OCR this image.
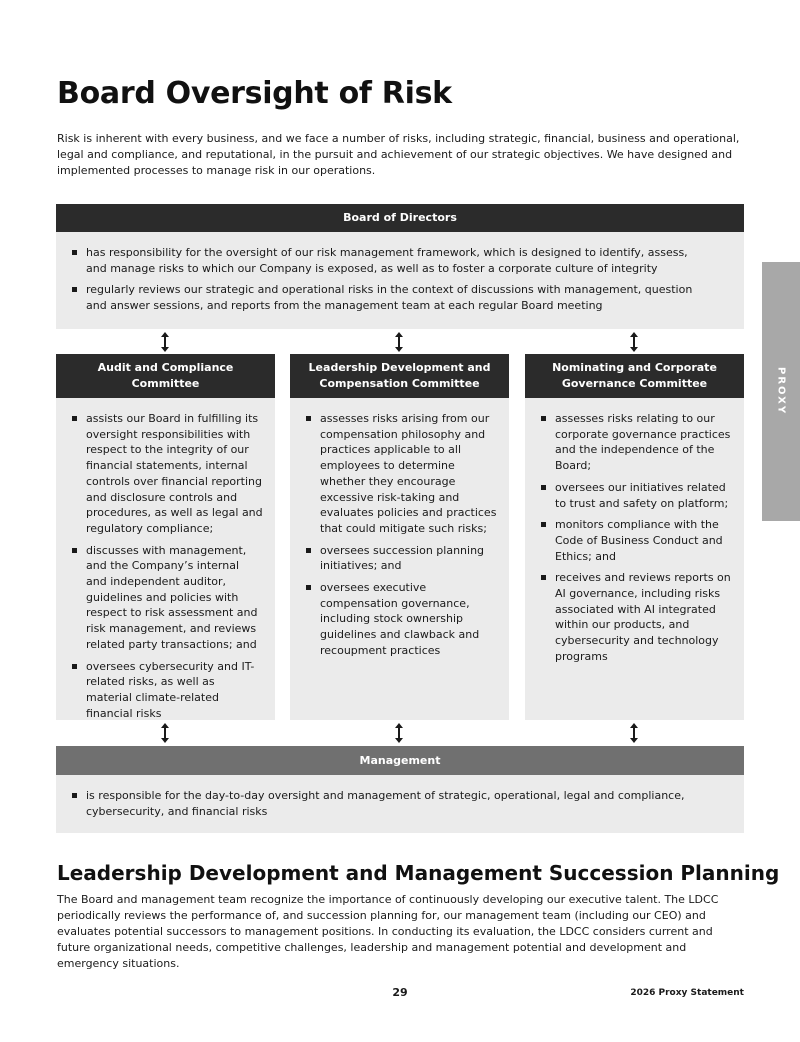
Board Oversight of Risk

Risk is inherent with every business, and we face a number of risks, including strategic, financial, business and operational, legal and compliance, and reputational, in the pursuit and achievement of our strategic objectives. We have designed and implemented processes to manage risk in our operations.

Board of Directors
has responsibility for the oversight of our risk management framework, which is designed to identify, assess, and manage risks to which our Company is exposed, as well as to foster a corporate culture of integrity
regularly reviews our strategic and operational risks in the context of discussions with management, question and answer sessions, and reports from the management team at each regular Board meeting
Audit and Compliance Committee
Leadership Development and Compensation Committee
Nominating and Corporate Governance Committee
assists our Board in fulfilling its oversight responsibilities with respect to the integrity of our financial statements, internal controls over financial reporting and disclosure controls and procedures, as well as legal and regulatory compliance;
discusses with management, and the Company’s internal and independent auditor, guidelines and policies with respect to risk assessment and risk management, and reviews related party transactions; and
oversees cybersecurity and IT-related risks, as well as material climate-related financial risks
assesses risks arising from our compensation philosophy and practices applicable to all employees to determine whether they encourage excessive risk-taking and evaluates policies and practices that could mitigate such risks;
oversees succession planning initiatives; and
oversees executive compensation governance, including stock ownership guidelines and clawback and recoupment practices
assesses risks relating to our corporate governance practices and the independence of the Board;
oversees our initiatives related to trust and safety on platform;
monitors compliance with the Code of Business Conduct and Ethics; and
receives and reviews reports on AI governance, including risks associated with AI integrated within our products, and cybersecurity and technology programs
Management
is responsible for the day-to-day oversight and management of strategic, operational, legal and compliance, cybersecurity, and financial risks
PROXY
Leadership Development and Management Succession Planning

The Board and management team recognize the importance of continuously developing our executive talent. The LDCC periodically reviews the performance of, and succession planning for, our management team (including our CEO) and evaluates potential successors to management positions. In conducting its evaluation, the LDCC considers current and future organizational needs, competitive challenges, leadership and management potential and development and emergency situations.

29	2026 Proxy Statement
